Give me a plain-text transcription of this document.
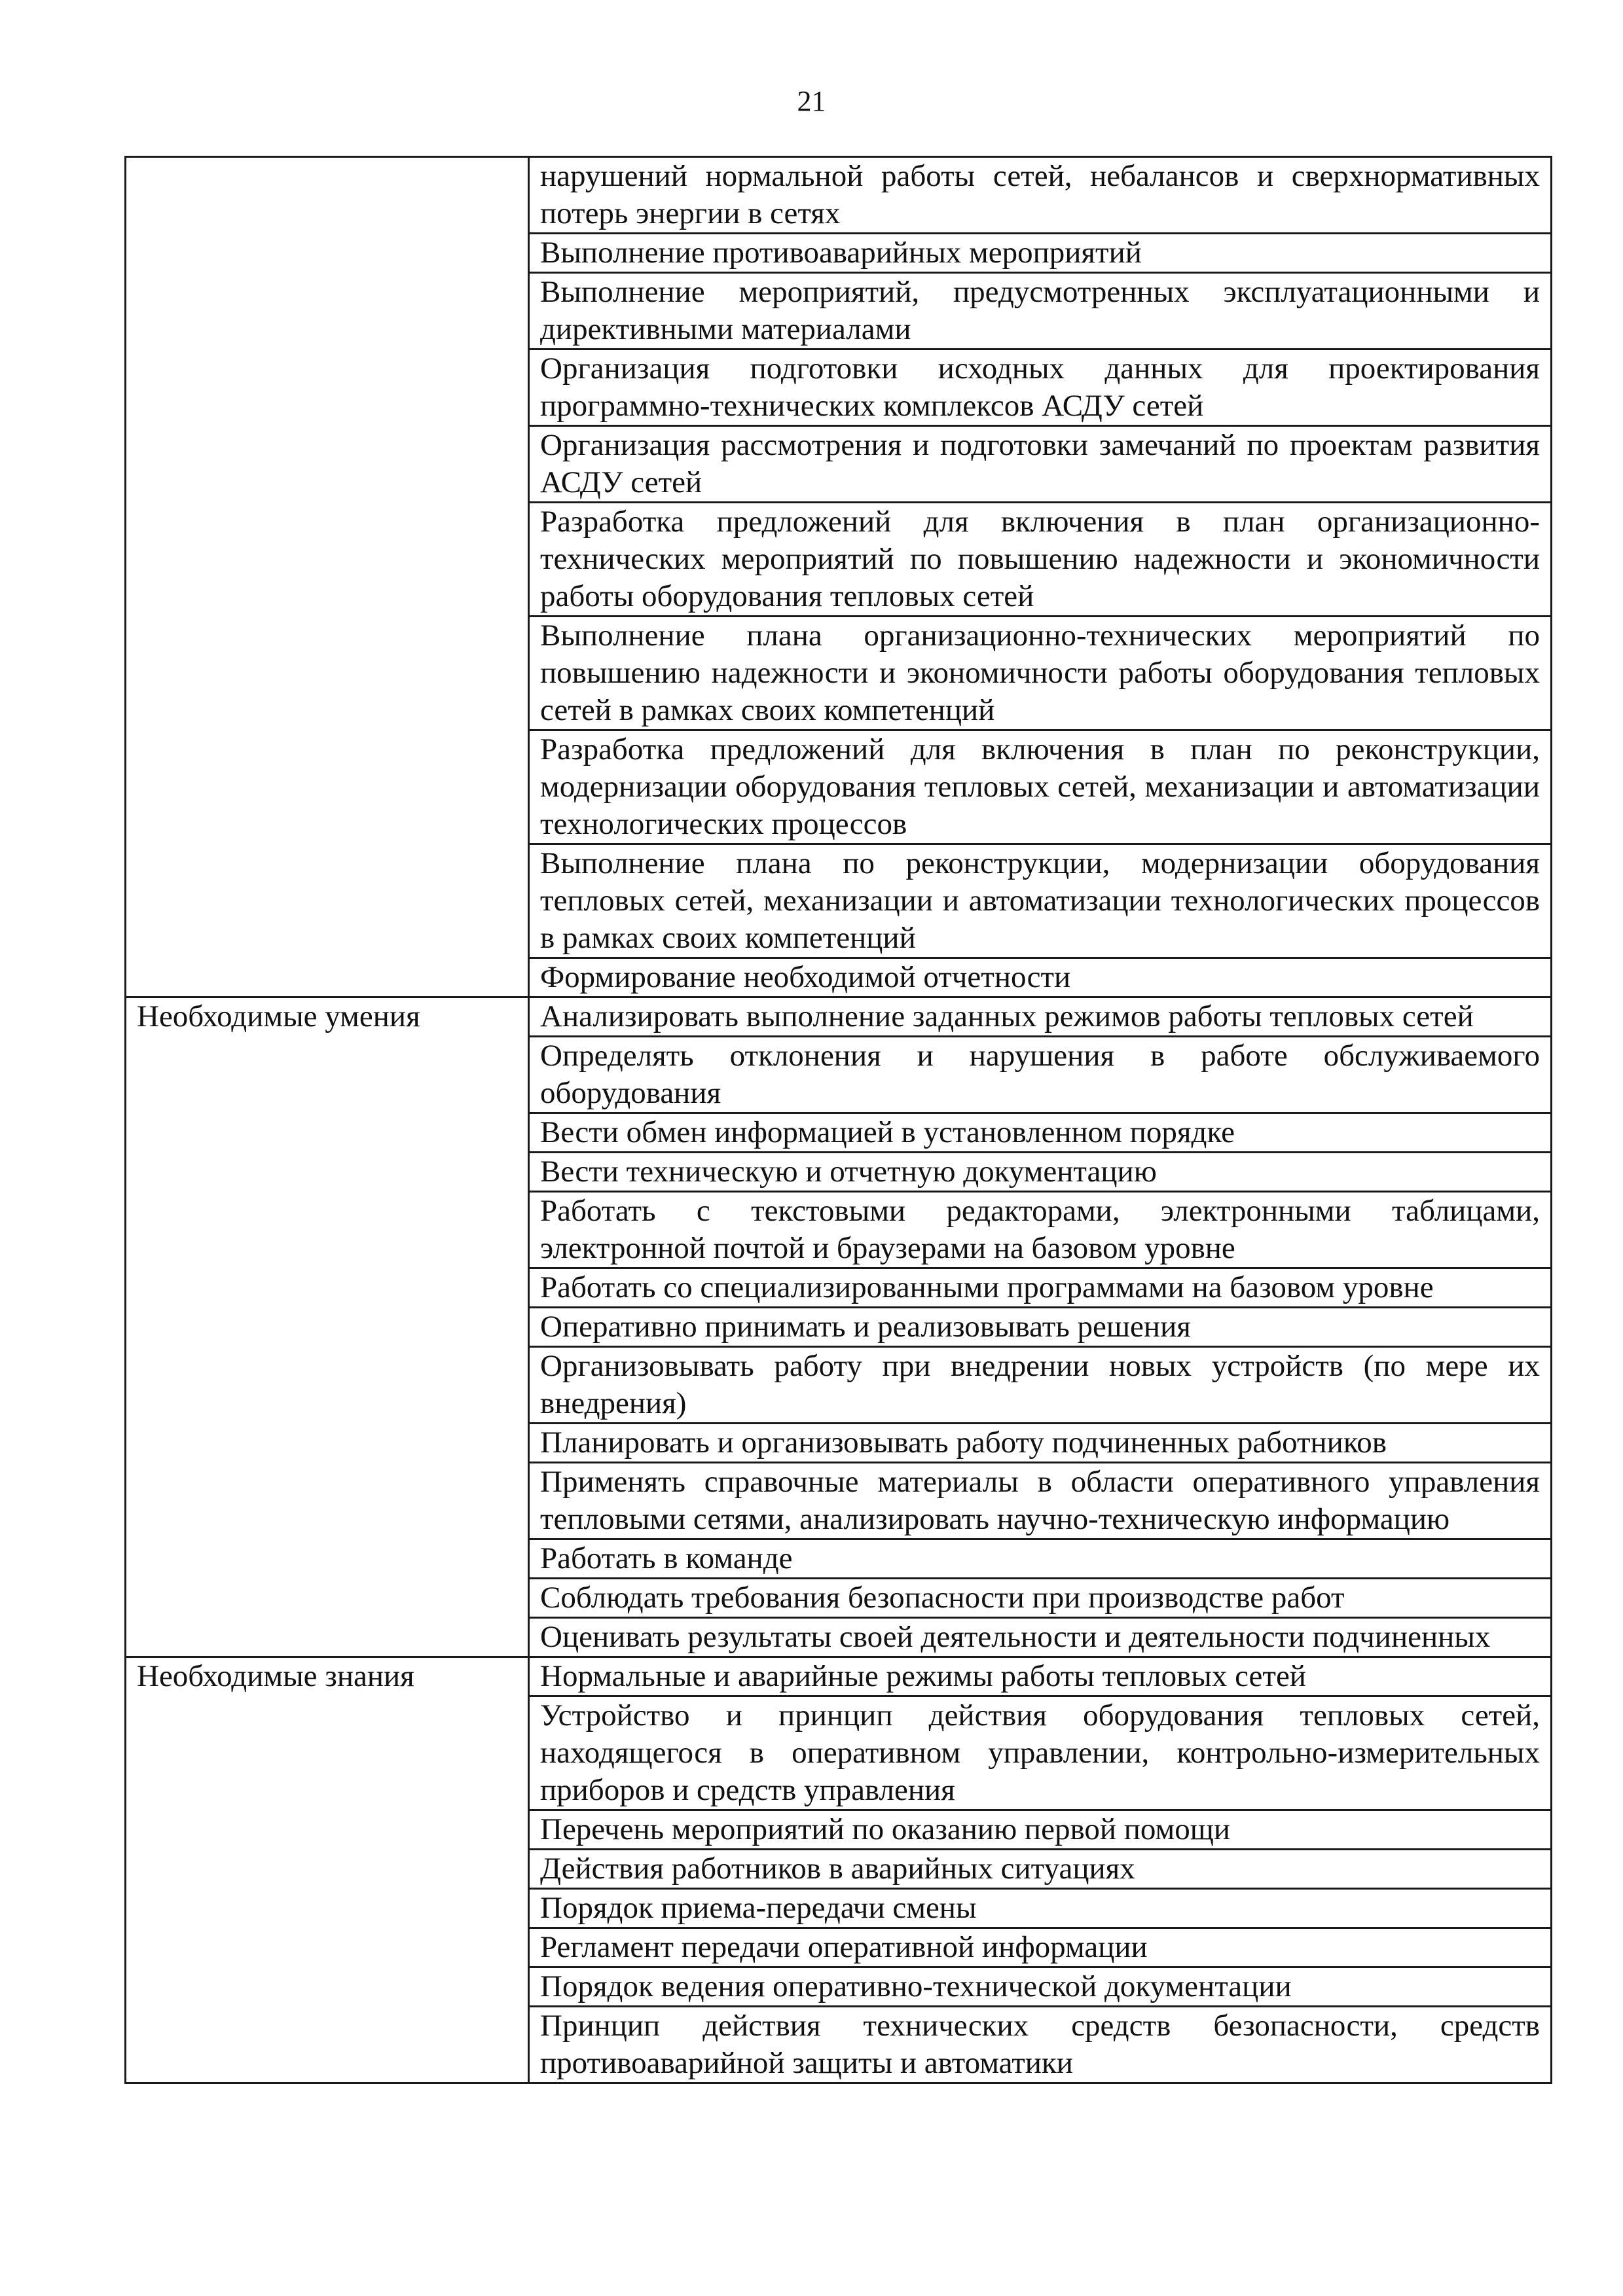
21
	нарушений нормальной работы сетей, небалансов и сверхнормативных потерь энергии в сетях
	Выполнение противоаварийных мероприятий
	Выполнение мероприятий, предусмотренных эксплуатационными и директивными материалами
	Организация подготовки исходных данных для проектирования программно-технических комплексов АСДУ сетей
	Организация рассмотрения и подготовки замечаний по проектам развития АСДУ сетей
	Разработка предложений для включения в план организационно-технических мероприятий по повышению надежности и экономичности работы оборудования тепловых сетей
	Выполнение плана организационно-технических мероприятий по повышению надежности и экономичности работы оборудования тепловых сетей в рамках своих компетенций
	Разработка предложений для включения в план по реконструкции, модернизации оборудования тепловых сетей, механизации и автоматизации технологических процессов
	Выполнение плана по реконструкции, модернизации оборудования тепловых сетей, механизации и автоматизации технологических процессов в рамках своих компетенций
	Формирование необходимой отчетности
Необходимые умения	Анализировать выполнение заданных режимов работы тепловых сетей
	Определять отклонения и нарушения в работе обслуживаемого оборудования
	Вести обмен информацией в установленном порядке
	Вести техническую и отчетную документацию
	Работать с текстовыми редакторами, электронными таблицами, электронной почтой и браузерами на базовом уровне
	Работать со специализированными программами на базовом уровне
	Оперативно принимать и реализовывать решения
	Организовывать работу при внедрении новых устройств (по мере их внедрения)
	Планировать и организовывать работу подчиненных работников
	Применять справочные материалы в области оперативного управления тепловыми сетями, анализировать научно-техническую информацию
	Работать в команде
	Соблюдать требования безопасности при производстве работ
	Оценивать результаты своей деятельности и деятельности подчиненных
Необходимые знания	Нормальные и аварийные режимы работы тепловых сетей
	Устройство и принцип действия оборудования тепловых сетей, находящегося в оперативном управлении, контрольно-измерительных приборов и средств управления
	Перечень мероприятий по оказанию первой помощи
	Действия работников в аварийных ситуациях
	Порядок приема-передачи смены
	Регламент передачи оперативной информации
	Порядок ведения оперативно-технической документации
	Принцип действия технических средств безопасности, средств противоаварийной защиты и автоматики
